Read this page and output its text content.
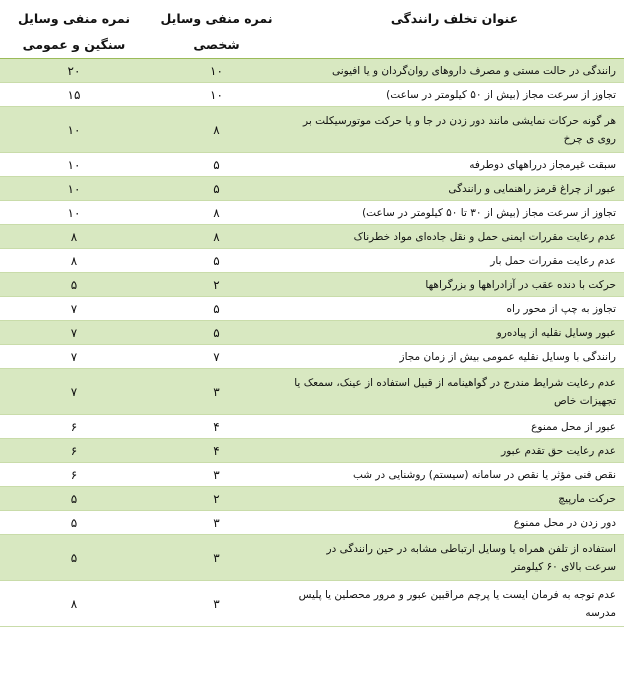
عنوان تخلف رانندگی	نمره منفی وسایل شخصی	نمره منفی وسایل سنگین و عمومی
رانندگی در حالت مستی و مصرف داروهای روان‌گردان و یا افیونی	۱۰	۲۰
تجاوز از سرعت مجاز (بیش از ۵۰ کیلومتر در ساعت)	۱۰	۱۵
هر گونه حرکات نمایشی مانند دور زدن در جا و یا حرکت موتورسیکلت بر روی ی چرخ	۸	۱۰
سبقت غیرمجاز درراههای دوطرفه	۵	۱۰
عبور از چراغ قرمز راهنمایی و رانندگی	۵	۱۰
تجاوز از سرعت مجاز (بیش از ۳۰ تا ۵۰ کیلومتر در ساعت)	۸	۱۰
عدم رعایت مقررات ایمنی حمل و نقل جاده‌ای مواد خطرناک	۸	۸
عدم رعایت مقررات حمل بار	۵	۸
حرکت با دنده عقب در آزادراهها و بزرگراهها	۲	۵
تجاوز به چپ از محور راه	۵	۷
عبور وسایل نقلیه از پیاده‌رو	۵	۷
رانندگی با وسایل نقلیه عمومی بیش از زمان مجاز	۷	۷
عدم رعایت شرایط مندرج در گواهینامه از قبیل استفاده از عینک، سمعک یا تجهیزات خاص	۳	۷
عبور از محل ممنوع	۴	۶
عدم رعایت حق تقدم عبور	۴	۶
نقص فنی مؤثر یا نقص در سامانه (سیستم) روشنایی در شب	۳	۶
حرکت مارپیچ	۲	۵
دور زدن در محل ممنوع	۳	۵
استفاده از تلفن همراه یا وسایل ارتباطی مشابه در حین رانندگی در سرعت بالای ۶۰ کیلومتر	۳	۵
عدم توجه به فرمان ایست یا پرچم مراقبین عبور و مرور محصلین یا پلیس مدرسه	۳	۸
